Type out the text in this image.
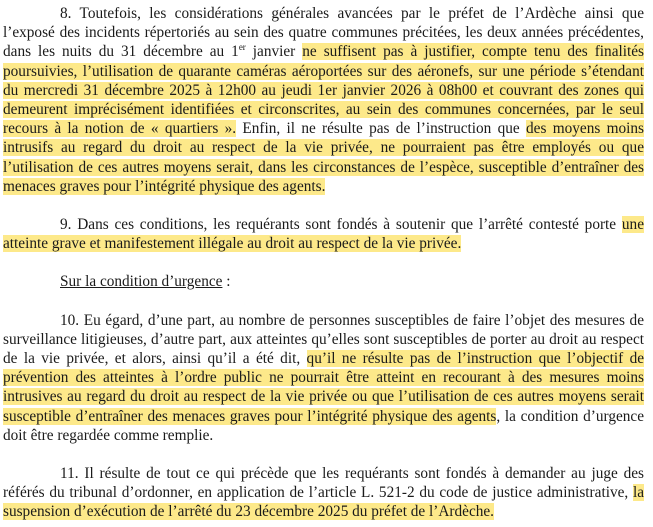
8. Toutefois, les considérations générales avancées par le préfet de l’Ardèche ainsi que l’exposé des incidents répertoriés au sein des quatre communes précitées, les deux années précédentes, dans les nuits du 31 décembre au 1er janvier ne suffisent pas à justifier, compte tenu des finalités poursuivies, l’utilisation de quarante caméras aéroportées sur des aéronefs, sur une période s’étendant du mercredi 31 décembre 2025 à 12h00 au jeudi 1er janvier 2026 à 08h00 et couvrant des zones qui demeurent imprécisément identifiées et circonscrites, au sein des communes concernées, par le seul recours à la notion de « quartiers ». Enfin, il ne résulte pas de l’instruction que des moyens moins intrusifs au regard du droit au respect de la vie privée, ne pourraient pas être employés ou que l’utilisation de ces autres moyens serait, dans les circonstances de l’espèce, susceptible d’entraîner des menaces graves pour l’intégrité physique des agents.

9. Dans ces conditions, les requérants sont fondés à soutenir que l’arrêté contesté porte une atteinte grave et manifestement illégale au droit au respect de la vie privée.

Sur la condition d’urgence :

10. Eu égard, d’une part, au nombre de personnes susceptibles de faire l’objet des mesures de surveillance litigieuses, d’autre part, aux atteintes qu’elles sont susceptibles de porter au droit au respect de la vie privée, et alors, ainsi qu’il a été dit, qu’il ne résulte pas de l’instruction que l’objectif de prévention des atteintes à l’ordre public ne pourrait être atteint en recourant à des mesures moins intrusives au regard du droit au respect de la vie privée ou que l’utilisation de ces autres moyens serait susceptible d’entraîner des menaces graves pour l’intégrité physique des agents, la condition d’urgence doit être regardée comme remplie.

11. Il résulte de tout ce qui précède que les requérants sont fondés à demander au juge des référés du tribunal d’ordonner, en application de l’article L. 521-2 du code de justice administrative, la suspension d’exécution de l’arrêté du 23 décembre 2025 du préfet de l’Ardèche.
